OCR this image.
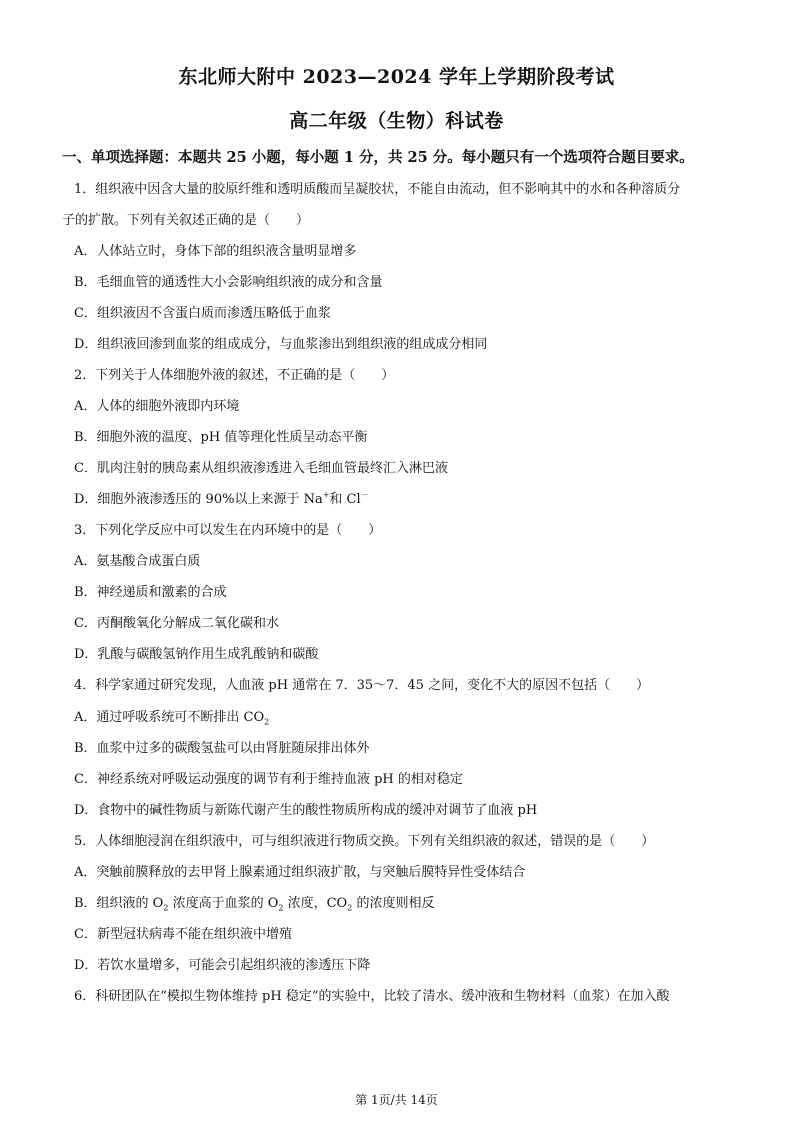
东北师大附中 2023—2024 学年上学期阶段考试
高二年级（生物）科试卷
一、单项选择题：本题共 25 小题，每小题 1 分，共 25 分。每小题只有一个选项符合题目要求。
1．组织液中因含大量的胶原纤维和透明质酸而呈凝胶状，不能自由流动，但不影响其中的水和各种溶质分
子的扩散。下列有关叙述正确的是（　　）
A．人体站立时，身体下部的组织液含量明显增多
B．毛细血管的通透性大小会影响组织液的成分和含量
C．组织液因不含蛋白质而渗透压略低于血浆
D．组织液回渗到血浆的组成成分，与血浆渗出到组织液的组成成分相同
2．下列关于人体细胞外液的叙述，不正确的是（　　）
A．人体的细胞外液即内环境
B．细胞外液的温度、pH 值等理化性质呈动态平衡
C．肌肉注射的胰岛素从组织液渗透进入毛细血管最终汇入淋巴液
D．细胞外液渗透压的 90%以上来源于 Na+和 Cl－
3．下列化学反应中可以发生在内环境中的是（　　）
A．氨基酸合成蛋白质
B．神经递质和激素的合成
C．丙酮酸氧化分解成二氧化碳和水
D．乳酸与碳酸氢钠作用生成乳酸钠和碳酸
4．科学家通过研究发现，人血液 pH 通常在 7．35～7．45 之间，变化不大的原因不包括（　　）
A．通过呼吸系统可不断排出 $CO_2$
B．血浆中过多的碳酸氢盐可以由肾脏随尿排出体外
C．神经系统对呼吸运动强度的调节有利于维持血液 pH 的相对稳定
D．食物中的碱性物质与新陈代谢产生的酸性物质所构成的缓冲对调节了血液 pH
5．人体细胞浸润在组织液中，可与组织液进行物质交换。下列有关组织液的叙述，错误的是（　　）
A．突触前膜释放的去甲肾上腺素通过组织液扩散，与突触后膜特异性受体结合
B．组织液的 $O_2$ 浓度高于血浆的 $O_2$ 浓度，$CO_2$ 的浓度则相反
C．新型冠状病毒不能在组织液中增殖
D．若饮水量增多，可能会引起组织液的渗透压下降
6．科研团队在“模拟生物体维持 pH 稳定”的实验中，比较了清水、缓冲液和生物材料（血浆）在加入酸
第 1页/共 14页
